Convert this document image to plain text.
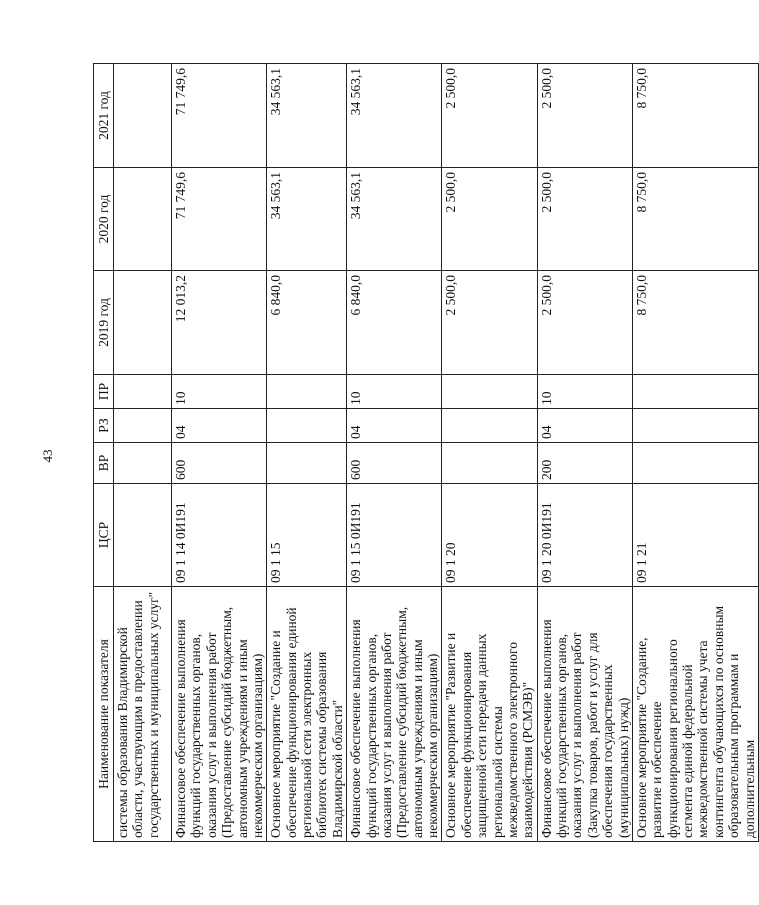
43
Наименование показателя	ЦСР	ВР	РЗ	ПР	2019 год	2020 год	2021 год
системы образования Владимирской области, участвующим в предоставлении государственных и муниципальных услуг"							
Финансовое обеспечение выполнения функций государственных органов, оказания услуг и выполнения работ (Предоставление субсидий бюджетным, автономным учреждениям и иным некоммерческим организациям)	09 1 14 0И191	600	04	10	12 013,2	71 749,6	71 749,6
Основное мероприятие "Создание и обеспечение функционирования единой региональной сети электронных библиотек системы образования Владимирской области"	09 1 15				6 840,0	34 563,1	34 563,1
Финансовое обеспечение выполнения функций государственных органов, оказания услуг и выполнения работ (Предоставление субсидий бюджетным, автономным учреждениям и иным некоммерческим организациям)	09 1 15 0И191	600	04	10	6 840,0	34 563,1	34 563,1
Основное мероприятие "Развитие и обеспечение функционирования защищенной сети передачи данных региональной системы межведомственного электронного взаимодействия (РСМЭВ)"	09 1 20				2 500,0	2 500,0	2 500,0
Финансовое обеспечение выполнения функций государственных органов, оказания услуг и выполнения работ (Закупка товаров, работ и услуг для обеспечения государственных (муниципальных) нужд)	09 1 20 0И191	200	04	10	2 500,0	2 500,0	2 500,0
Основное мероприятие "Создание, развитие и обеспечение функционирования регионального сегмента единой федеральной межведомственной системы учета контингента обучающихся по основным образовательным программам и дополнительным	09 1 21				8 750,0	8 750,0	8 750,0
